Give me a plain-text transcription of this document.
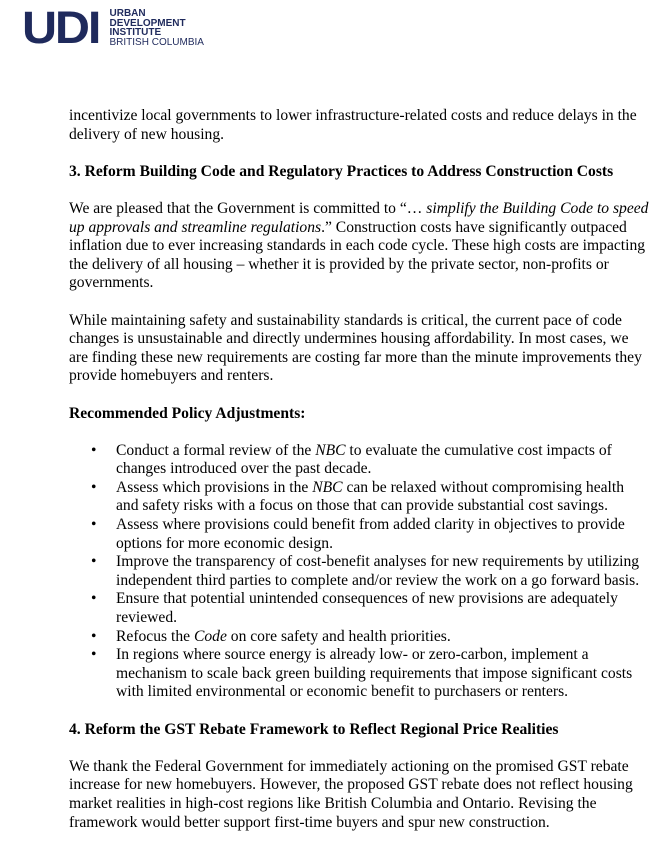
UDI URBAN
DEVELOPMENT
INSTITUTE
BRITISH COLUMBIA

incentivize local governments to lower infrastructure-related costs and reduce delays in the delivery of new housing.

3. Reform Building Code and Regulatory Practices to Address Construction Costs

We are pleased that the Government is committed to “… simplify the Building Code to speed up approvals and streamline regulations.” Construction costs have significantly outpaced inflation due to ever increasing standards in each code cycle. These high costs are impacting the delivery of all housing – whether it is provided by the private sector, non-profits or governments.

While maintaining safety and sustainability standards is critical, the current pace of code changes is unsustainable and directly undermines housing affordability. In most cases, we are finding these new requirements are costing far more than the minute improvements they provide homebuyers and renters.

Recommended Policy Adjustments:
• Conduct a formal review of the NBC to evaluate the cumulative cost impacts of changes introduced over the past decade.
• Assess which provisions in the NBC can be relaxed without compromising health and safety risks with a focus on those that can provide substantial cost savings.
• Assess where provisions could benefit from added clarity in objectives to provide options for more economic design.
• Improve the transparency of cost-benefit analyses for new requirements by utilizing independent third parties to complete and/or review the work on a go forward basis.
• Ensure that potential unintended consequences of new provisions are adequately reviewed.
• Refocus the Code on core safety and health priorities.
• In regions where source energy is already low- or zero-carbon, implement a mechanism to scale back green building requirements that impose significant costs with limited environmental or economic benefit to purchasers or renters.
4. Reform the GST Rebate Framework to Reflect Regional Price Realities

We thank the Federal Government for immediately actioning on the promised GST rebate increase for new homebuyers. However, the proposed GST rebate does not reflect housing market realities in high-cost regions like British Columbia and Ontario. Revising the framework would better support first-time buyers and spur new construction.
